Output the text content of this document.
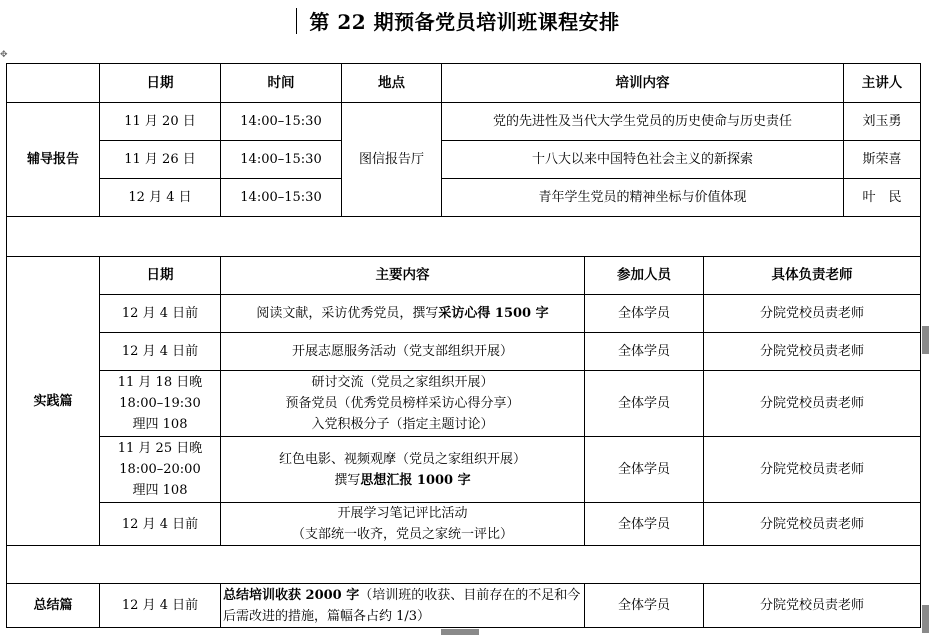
第 22 期预备党员培训班课程安排
✥
	日期	时间	地点	培训内容			主讲人
辅导报告	11 月 20 日	14:00–15:30	图信报告厅	党的先进性及当代大学生党员的历史使命与历史责任			刘玉勇
	11 月 26 日	14:00–15:30		十八大以来中国特色社会主义的新探索			斯荣喜
	12 月 4 日	14:00–15:30		青年学生党员的精神坐标与价值体现			叶　民

实践篇	日期	主要内容			参加人员	具体负责老师	
	12 月 4 日前	阅读文献，采访优秀党员，撰写采访心得 1500 字			全体学员	分院党校员责老师	
	12 月 4 日前	开展志愿服务活动（党支部组织开展）			全体学员	分院党校员责老师	

	11 月 18 日晚
18:00–19:30
理四 108	研讨交流（党员之家组织开展）
预备党员（优秀党员榜样采访心得分享）
入党积极分子（指定主题讨论）			全体学员	分院党校员责老师	

	11 月 25 日晚
18:00–20:00
理四 108	红色电影、视频观摩（党员之家组织开展）
撰写思想汇报 1000 字			全体学员	分院党校员责老师	
	12 月 4 日前	开展学习笔记评比活动
（支部统一收齐，党员之家统一评比）			全体学员	分院党校员责老师	

总结篇	12 月 4 日前	总结培训收获 2000 字（培训班的收获、目前存在的不足和今后需改进的措施，篇幅各占约 1/3）			全体学员	分院党校员责老师	
